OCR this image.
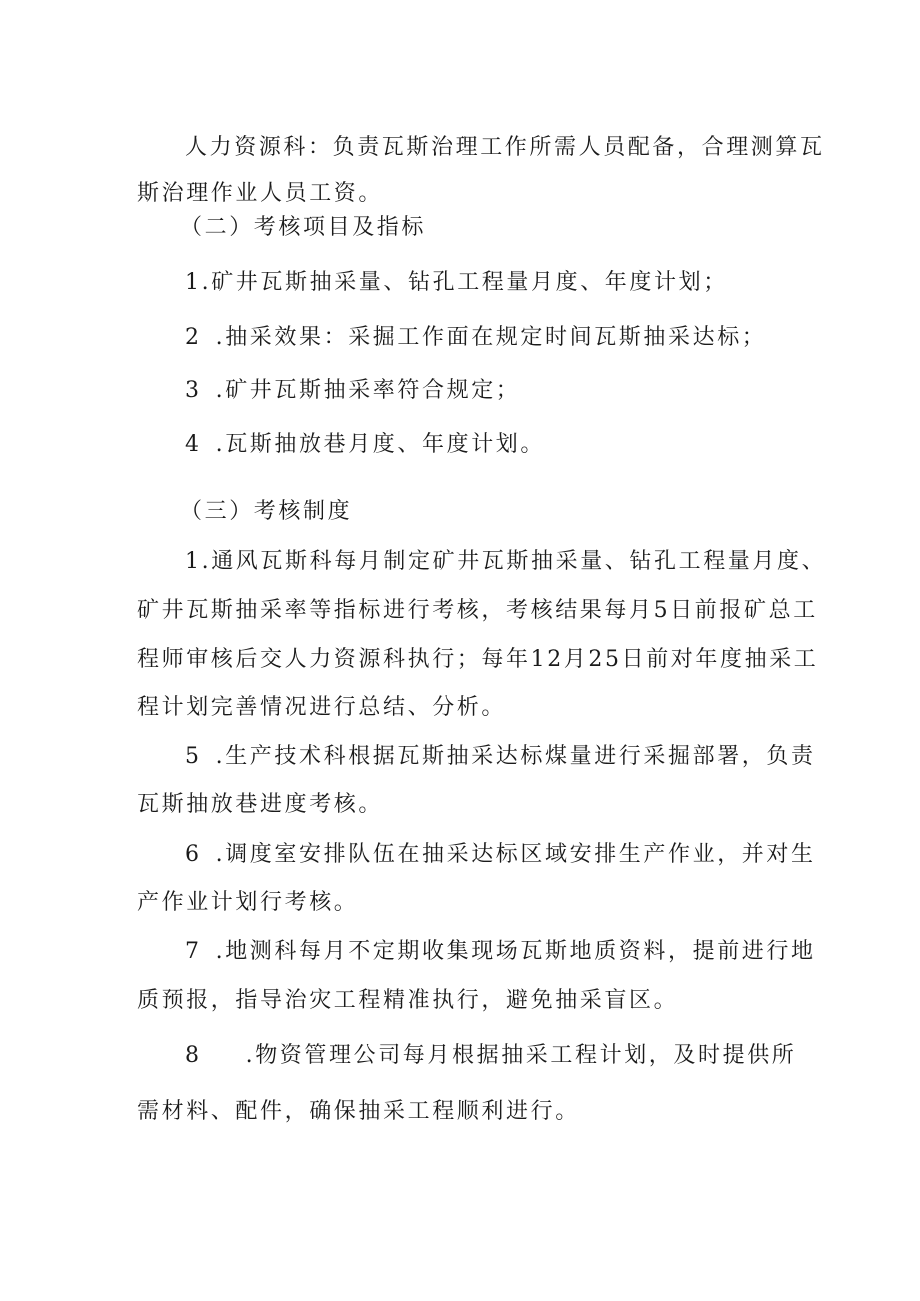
人力资源科：负责瓦斯治理工作所需人员配备，合理测算瓦
斯治理作业人员工资。
（二）考核项目及指标
1.矿井瓦斯抽采量、钻孔工程量月度、年度计划；
2 .抽采效果：采掘工作面在规定时间瓦斯抽采达标；
3 .矿井瓦斯抽采率符合规定；
4 .瓦斯抽放巷月度、年度计划。
（三）考核制度
1.通风瓦斯科每月制定矿井瓦斯抽采量、钻孔工程量月度、
矿井瓦斯抽采率等指标进行考核，考核结果每月5日前报矿总工
程师审核后交人力资源科执行；每年12月25日前对年度抽采工
程计划完善情况进行总结、分析。
5 .生产技术科根据瓦斯抽采达标煤量进行采掘部署，负责
瓦斯抽放巷进度考核。
6 .调度室安排队伍在抽采达标区域安排生产作业，并对生
产作业计划行考核。
7 .地测科每月不定期收集现场瓦斯地质资料，提前进行地
质预报，指导治灾工程精准执行，避免抽采盲区。
8 .物资管理公司每月根据抽采工程计划，及时提供所
需材料、配件，确保抽采工程顺利进行。
